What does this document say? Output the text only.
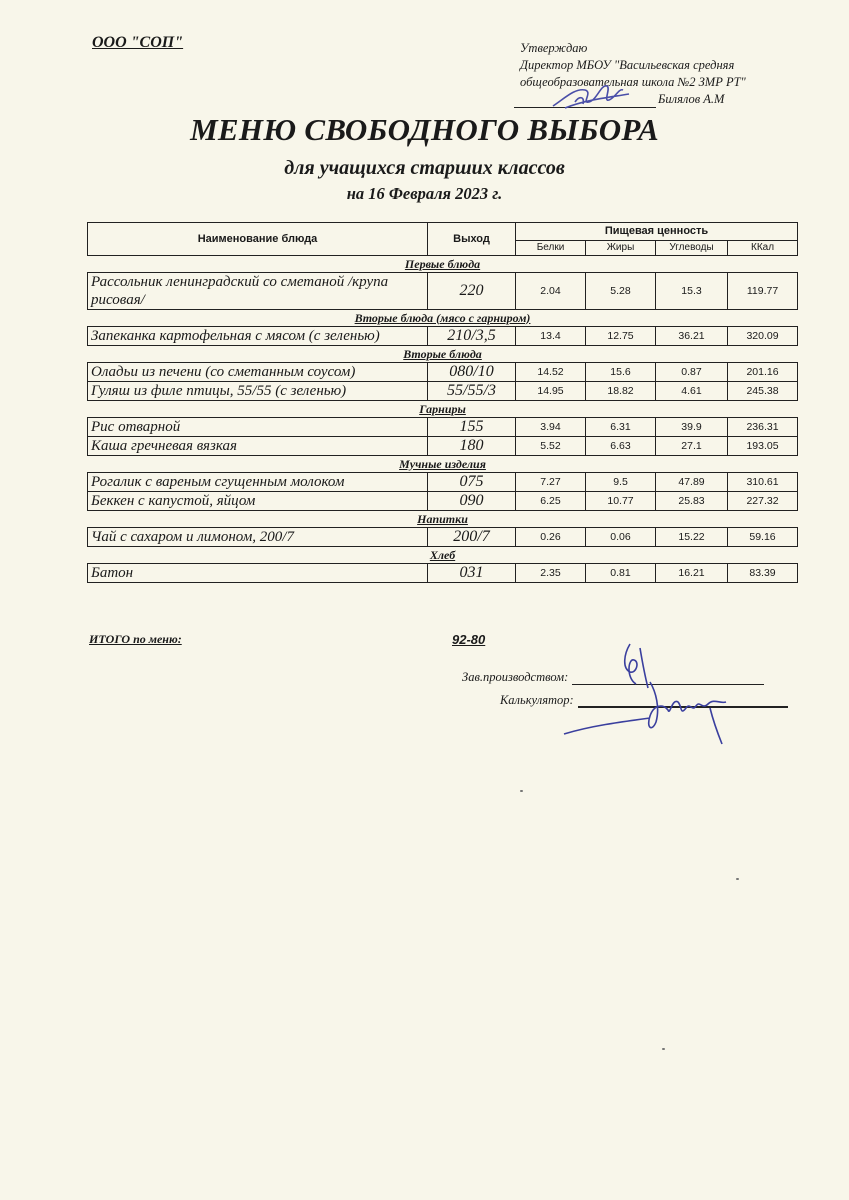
ООО "СОП"	Утверждаю
Директор МБОУ "Васильевская средняя
общеобразовательная школа №2 ЗМР РТ"
Билялов А.М
МЕНЮ СВОБОДНОГО ВЫБОРА
для учащихся старших классов
на 16 Февраля 2023 г.
Наименование блюда	Выход	Пищевая ценность			
		Белки	Жиры	Углеводы	ККал
Первые блюда					
Рассольник ленинградский со сметаной /крупа рисовая/	220	2.04	5.28	15.3	119.77
Вторые блюда (мясо с гарниром)					
Запеканка картофельная с мясом (с зеленью)	210/3,5	13.4	12.75	36.21	320.09
Вторые блюда					
Оладьи из печени (со сметанным соусом)	080/10	14.52	15.6	0.87	201.16
Гуляш из филе птицы, 55/55 (с зеленью)	55/55/3	14.95	18.82	4.61	245.38
Гарниры					
Рис отварной	155	3.94	6.31	39.9	236.31
Каша гречневая вязкая	180	5.52	6.63	27.1	193.05
Мучные изделия					
Рогалик с вареным сгущенным молоком	075	7.27	9.5	47.89	310.61
Беккен с капустой, яйцом	090	6.25	10.77	25.83	227.32
Напитки					
Чай с сахаром и лимоном, 200/7	200/7	0.26	0.06	15.22	59.16
Хлеб					
Батон	031	2.35	0.81	16.21	83.39
ИТОГО по меню:	92-80
Зав.производством:
Калькулятор:
